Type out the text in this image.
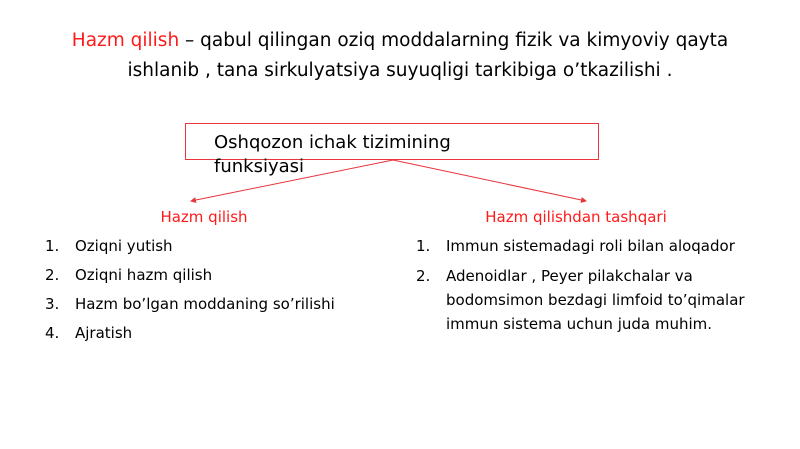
Hazm qilish – qabul qilingan oziq moddalarning fizik va kimyoviy qayta ishlanib , tana sirkulyatsiya suyuqligi tarkibiga o’tkazilishi .

Oshqozon ichak tizimining funksiyasi
Hazm qilish
1. Oziqni yutish
2. Oziqni hazm qilish
3. Hazm bo’lgan moddaning so’rilishi
4. Ajratish
Hazm qilishdan tashqari
1. Immun sistemadagi roli bilan aloqador
2. Adenoidlar , Peyer pilakchalar va bodomsimon bezdagi limfoid to’qimalar immun sistema uchun juda muhim.
